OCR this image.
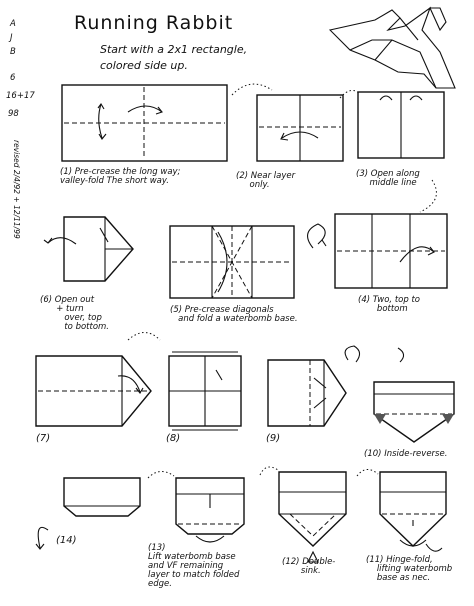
Running Rabbit
Start with a 2x1 rectangle,
colored side up.
A
J
B
6
16+17
98
revised 2/4/92 + 12/11/99	(1) Pre-crease the long way;
valley-fold The short way.	(2) Near layer
only.
(3) Open along
middle line
(4) Two, top to
bottom
(5) Pre-crease diagonals
and fold a waterbomb base.
(6) Open out
+ turn
over, top
to bottom.
(7)	(8)	(9)
(10) Inside-reverse.
(11) Hinge-fold,
lifting waterbomb
base as nec.
(12) Double-
sink.
(13)
Lift waterbomb base
and VF remaining
layer to match folded
edge.
(14)
